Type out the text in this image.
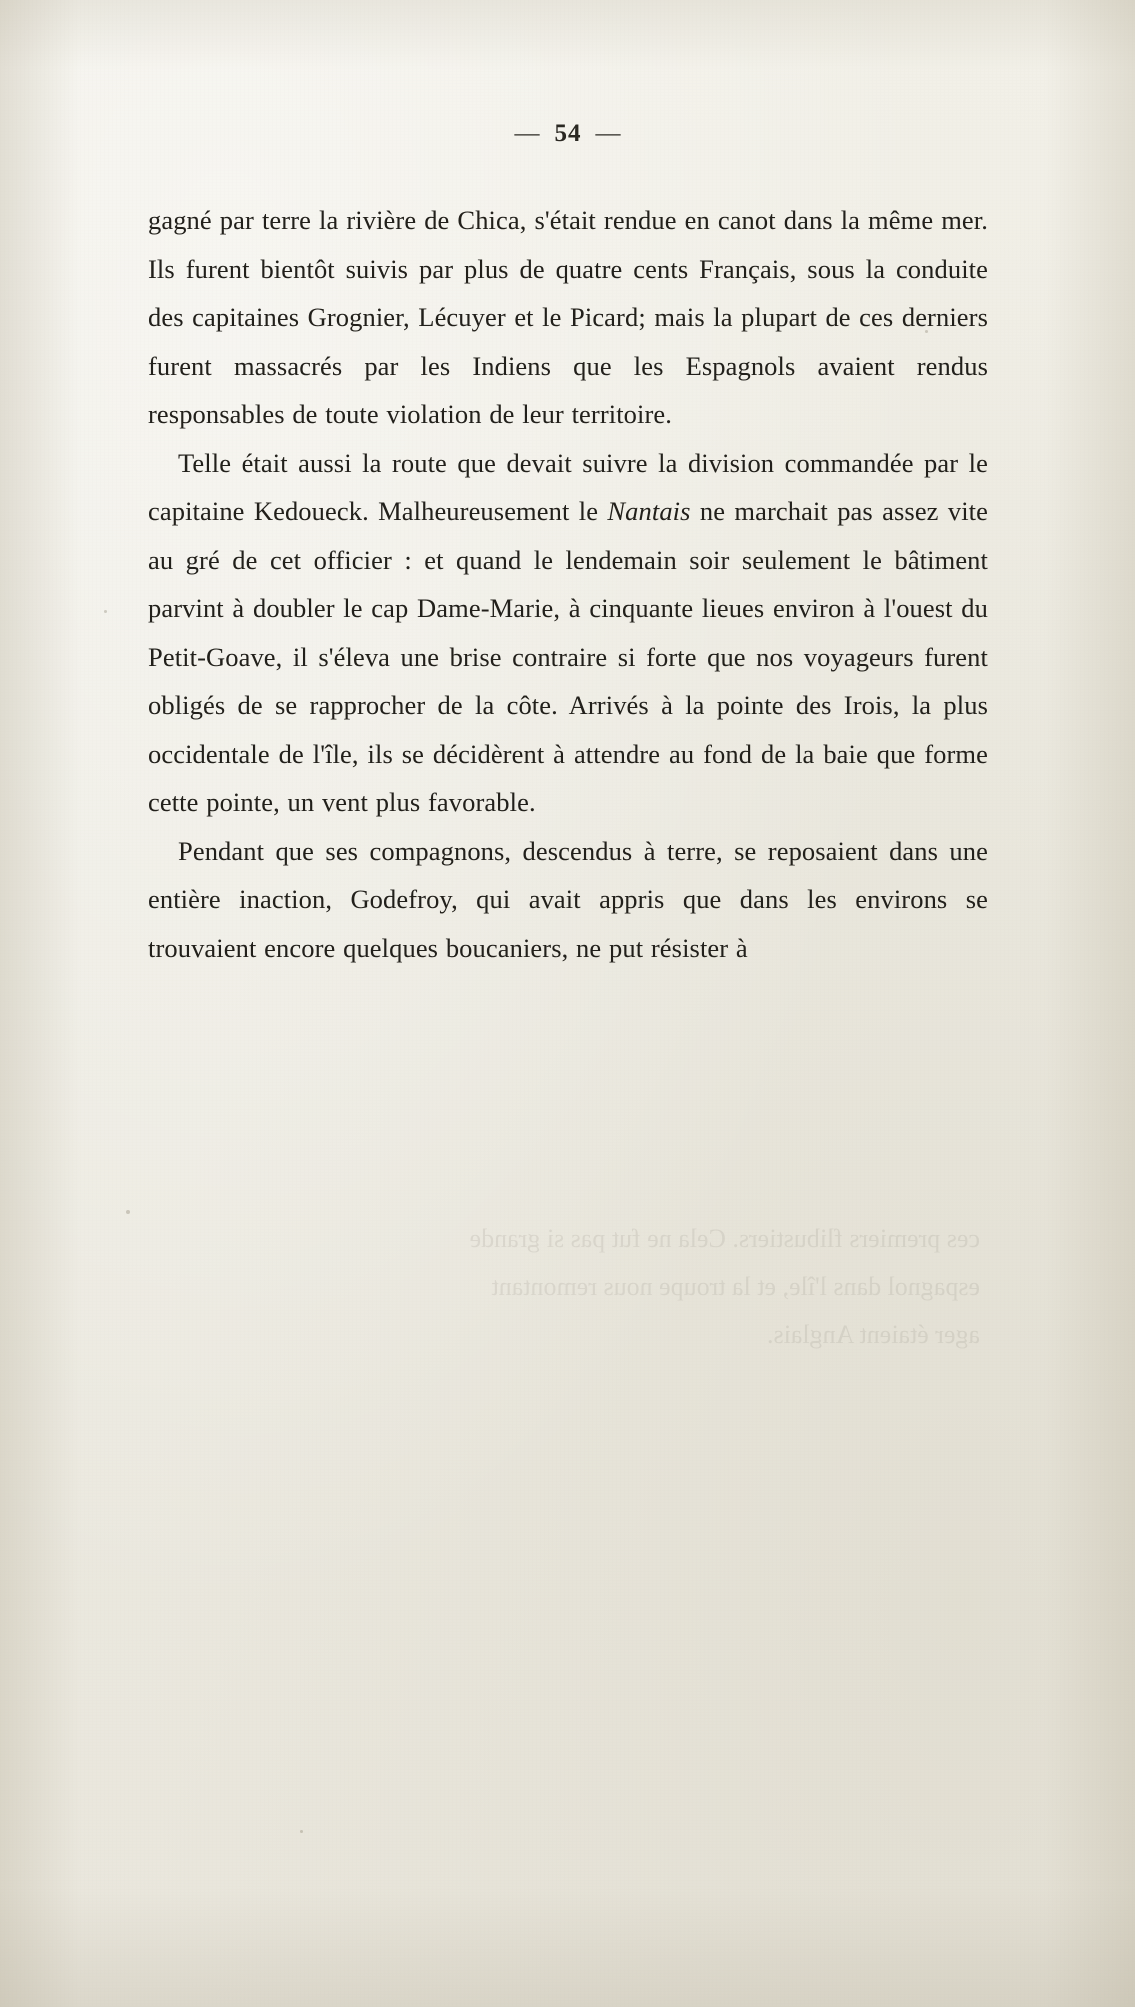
ces premiers flibustiers. Cela ne fut pas si grande
espagnol dans l'île, et la troupe nous remontant
ager étaient Anglais.
— 54 —

gagné par terre la rivière de Chica, s'était rendue en canot dans la même mer. Ils furent bientôt suivis par plus de quatre cents Français, sous la conduite des capitaines Grognier, Lécuyer et le Picard; mais la plupart de ces derniers furent massacrés par les Indiens que les Espagnols avaient rendus responsables de toute violation de leur territoire.

Telle était aussi la route que devait suivre la division commandée par le capitaine Kedoueck. Malheureusement le Nantais ne marchait pas assez vite au gré de cet officier : et quand le lendemain soir seulement le bâtiment parvint à doubler le cap Dame-Marie, à cinquante lieues environ à l'ouest du Petit-Goave, il s'éleva une brise contraire si forte que nos voyageurs furent obligés de se rapprocher de la côte. Arrivés à la pointe des Irois, la plus occidentale de l'île, ils se décidèrent à attendre au fond de la baie que forme cette pointe, un vent plus favorable.

Pendant que ses compagnons, descendus à terre, se reposaient dans une entière inaction, Godefroy, qui avait appris que dans les environs se trouvaient encore quelques boucaniers, ne put résister à
